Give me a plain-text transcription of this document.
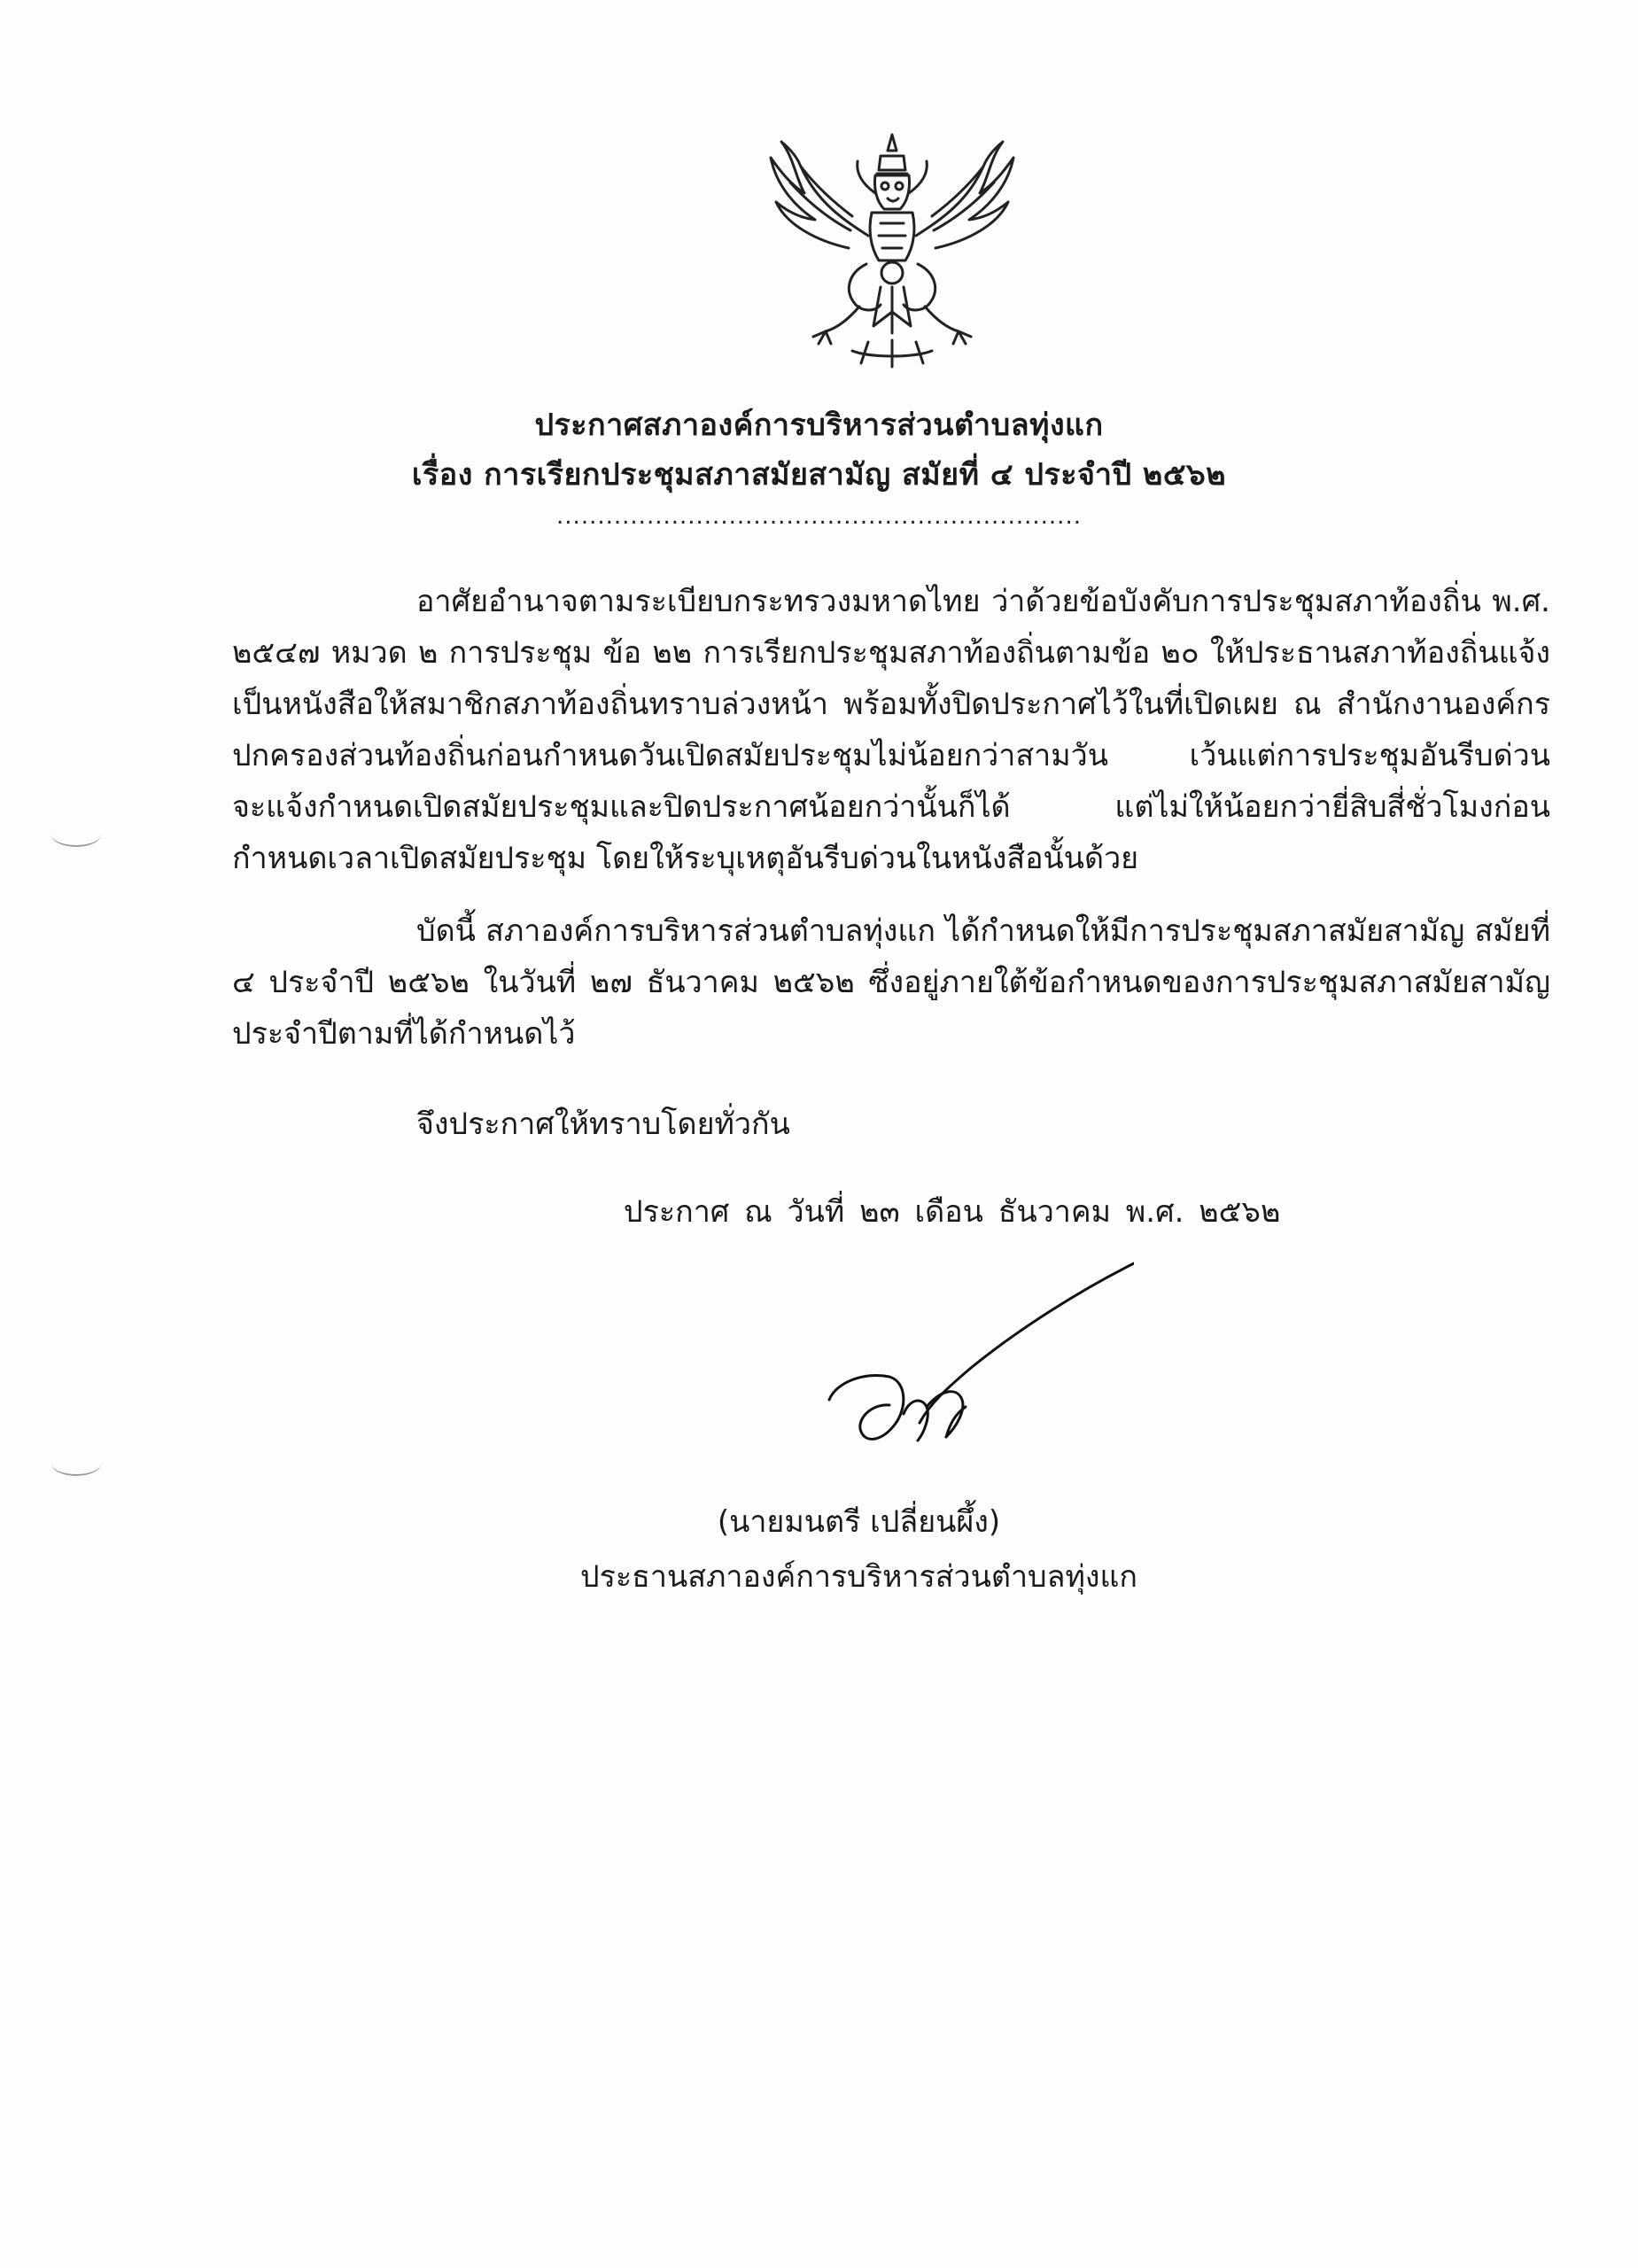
ประกาศสภาองค์การบริหารส่วนตำบลทุ่งแก
เรื่อง การเรียกประชุมสภาสมัยสามัญ สมัยที่ ๔ ประจำปี ๒๕๖๒
................................................................
อาศัยอำนาจตามระเบียบกระทรวงมหาดไทย ว่าด้วยข้อบังคับการประชุมสภาท้องถิ่น พ.ศ. ๒๕๔๗ หมวด ๒ การประชุม ข้อ ๒๒ การเรียกประชุมสภาท้องถิ่นตามข้อ ๒๐ ให้ประธานสภาท้องถิ่นแจ้งเป็นหนังสือให้สมาชิกสภาท้องถิ่นทราบล่วงหน้า พร้อมทั้งปิดประกาศไว้ในที่เปิดเผย ณ สำนักงานองค์กรปกครองส่วนท้องถิ่นก่อนกำหนดวันเปิดสมัยประชุมไม่น้อยกว่าสามวัน เว้นแต่การประชุมอันรีบด่วนจะแจ้งกำหนดเปิดสมัยประชุมและปิดประกาศน้อยกว่านั้นก็ได้ แต่ไม่ให้น้อยกว่ายี่สิบสี่ชั่วโมงก่อนกำหนดเวลาเปิดสมัยประชุม โดยให้ระบุเหตุอันรีบด่วนในหนังสือนั้นด้วย
บัดนี้ สภาองค์การบริหารส่วนตำบลทุ่งแก ได้กำหนดให้มีการประชุมสภาสมัยสามัญ สมัยที่ ๔ ประจำปี ๒๕๖๒ ในวันที่ ๒๗ ธันวาคม ๒๕๖๒ ซึ่งอยู่ภายใต้ข้อกำหนดของการประชุมสภาสมัยสามัญประจำปีตามที่ได้กำหนดไว้
จึงประกาศให้ทราบโดยทั่วกัน
ประกาศ ณ วันที่ ๒๓ เดือน ธันวาคม พ.ศ. ๒๕๖๒
(นายมนตรี เปลี่ยนผึ้ง)
ประธานสภาองค์การบริหารส่วนตำบลทุ่งแก
